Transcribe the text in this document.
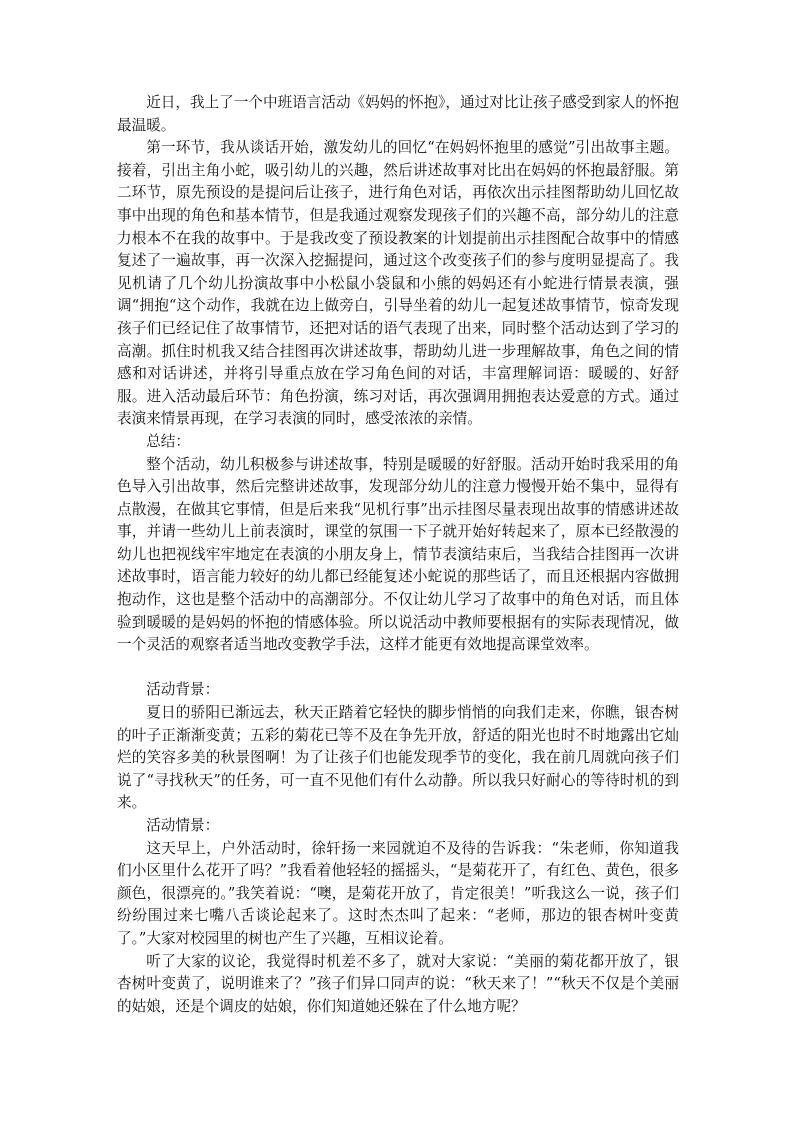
近日，我上了一个中班语言活动《妈妈的怀抱》，通过对比让孩子感受到家人的怀抱最温暖。

第一环节，我从谈话开始，激发幼儿的回忆“在妈妈怀抱里的感觉”引出故事主题。接着，引出主角小蛇，吸引幼儿的兴趣，然后讲述故事对比出在妈妈的怀抱最舒服。第二环节，原先预设的是提问后让孩子，进行角色对话，再依次出示挂图帮助幼儿回忆故事中出现的角色和基本情节，但是我通过观察发现孩子们的兴趣不高，部分幼儿的注意力根本不在我的故事中。于是我改变了预设教案的计划提前出示挂图配合故事中的情感复述了一遍故事，再一次深入挖掘提问，通过这个改变孩子们的参与度明显提高了。我见机请了几个幼儿扮演故事中小松鼠小袋鼠和小熊的妈妈还有小蛇进行情景表演，强调“拥抱“这个动作，我就在边上做旁白，引导坐着的幼儿一起复述故事情节，惊奇发现孩子们已经记住了故事情节，还把对话的语气表现了出来，同时整个活动达到了学习的高潮。抓住时机我又结合挂图再次讲述故事，帮助幼儿进一步理解故事，角色之间的情感和对话讲述，并将引导重点放在学习角色间的对话，丰富理解词语：暖暖的、好舒服。进入活动最后环节：角色扮演，练习对话，再次强调用拥抱表达爱意的方式。通过表演来情景再现，在学习表演的同时，感受浓浓的亲情。

总结：

整个活动，幼儿积极参与讲述故事，特别是暖暖的好舒服。活动开始时我采用的角色导入引出故事，然后完整讲述故事，发现部分幼儿的注意力慢慢开始不集中，显得有点散漫，在做其它事情，但是后来我“见机行事”出示挂图尽量表现出故事的情感讲述故事，并请一些幼儿上前表演时，课堂的氛围一下子就开始好转起来了，原本已经散漫的幼儿也把视线牢牢地定在表演的小朋友身上，情节表演结束后，当我结合挂图再一次讲述故事时，语言能力较好的幼儿都已经能复述小蛇说的那些话了，而且还根据内容做拥抱动作，这也是整个活动中的高潮部分。不仅让幼儿学习了故事中的角色对话，而且体验到暖暖的是妈妈的怀抱的情感体验。所以说活动中教师要根据有的实际表现情况，做一个灵活的观察者适当地改变教学手法，这样才能更有效地提高课堂效率。

活动背景：

夏日的骄阳已渐远去，秋天正踏着它轻快的脚步悄悄的向我们走来，你瞧，银杏树的叶子正渐渐变黄；五彩的菊花已等不及在争先开放，舒适的阳光也时不时地露出它灿烂的笑容多美的秋景图啊！为了让孩子们也能发现季节的变化，我在前几周就向孩子们说了“寻找秋天”的任务，可一直不见他们有什么动静。所以我只好耐心的等待时机的到来。

活动情景：

这天早上，户外活动时，徐轩扬一来园就迫不及待的告诉我：“朱老师，你知道我们小区里什么花开了吗？”我看着他轻轻的摇摇头，“是菊花开了，有红色、黄色，很多颜色，很漂亮的。”我笑着说：“噢，是菊花开放了，肯定很美！”听我这么一说，孩子们纷纷围过来七嘴八舌谈论起来了。这时杰杰叫了起来：“老师，那边的银杏树叶变黄了。”大家对校园里的树也产生了兴趣，互相议论着。

听了大家的议论，我觉得时机差不多了，就对大家说：“美丽的菊花都开放了，银杏树叶变黄了，说明谁来了？”孩子们异口同声的说：“秋天来了！”“秋天不仅是个美丽的姑娘，还是个调皮的姑娘，你们知道她还躲在了什么地方呢？
